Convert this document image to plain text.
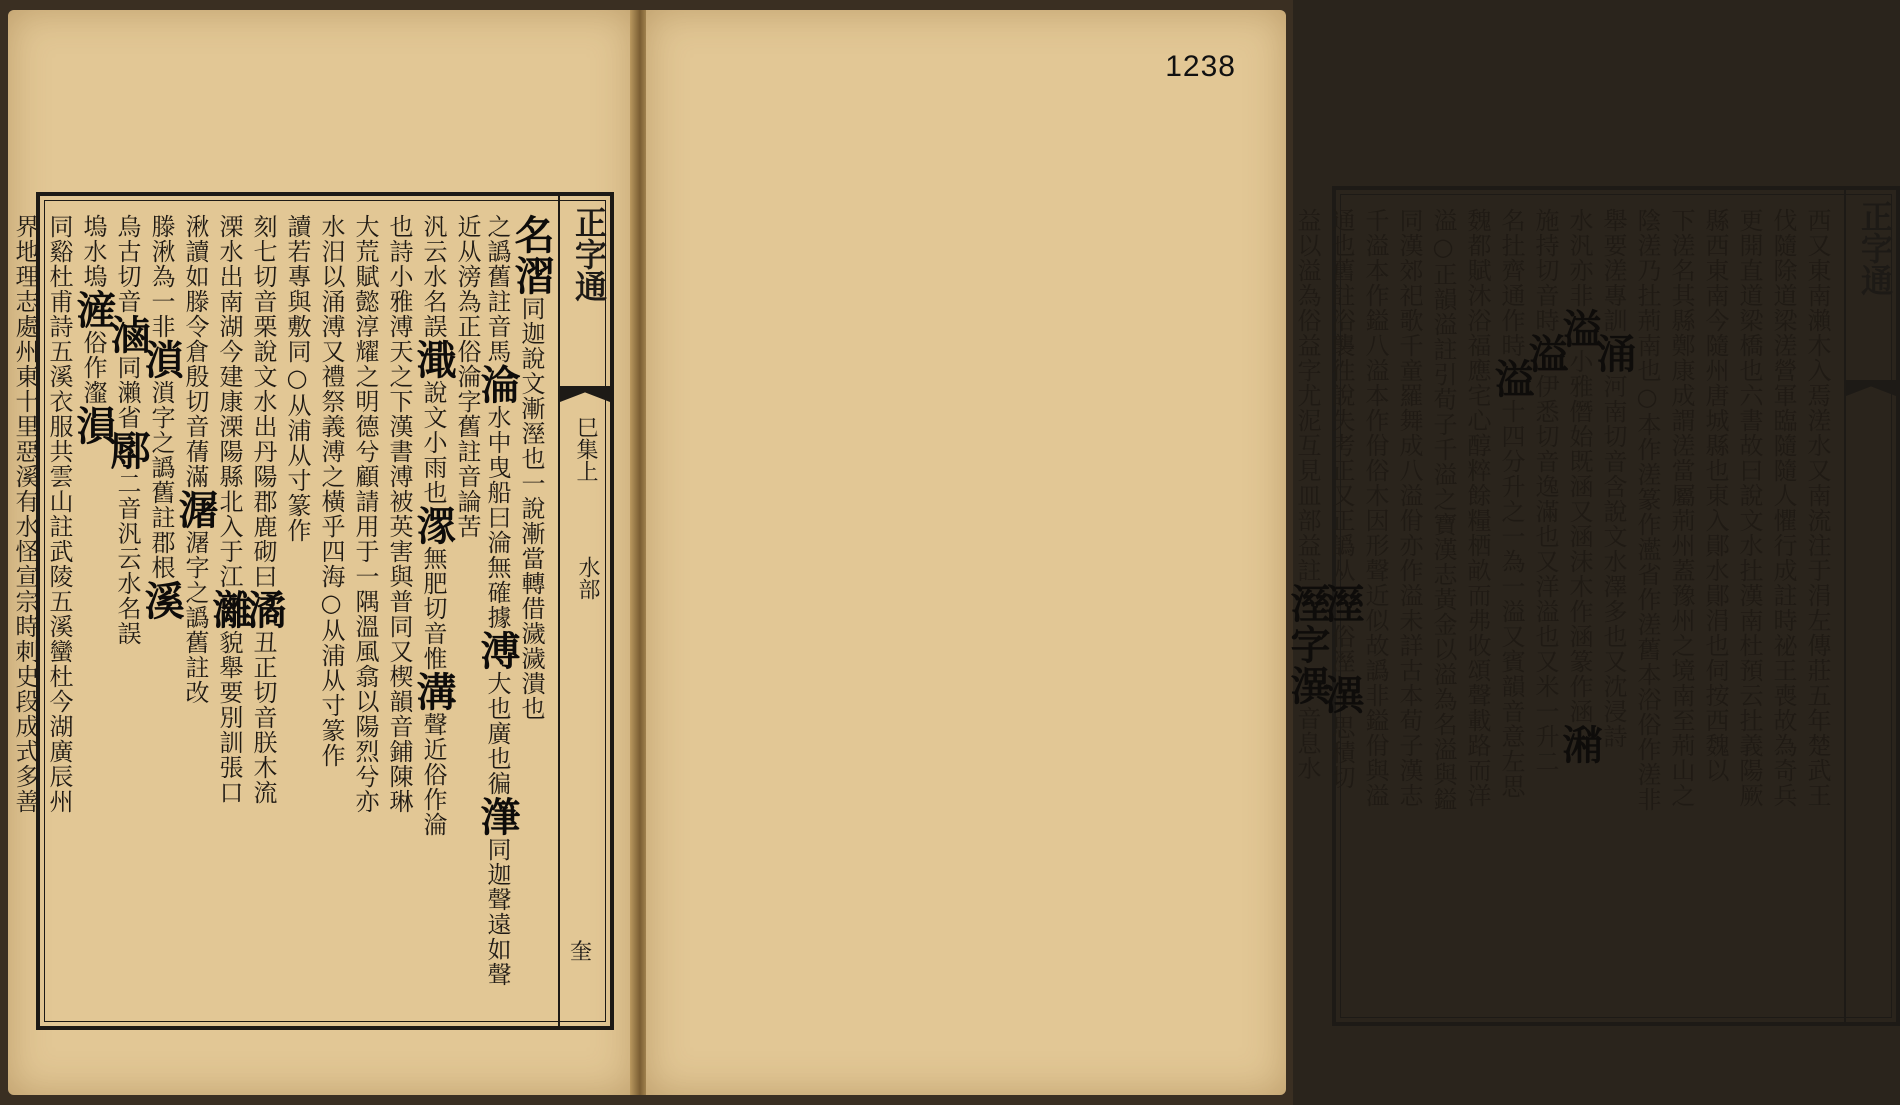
正字通
巳集上
水部
奎
名漝同迦說文漸溼也一說漸當轉借濊濊潰也
之譌舊註音馬淪水中曳船曰淪無確據溥大也廣也徧潷同迦聲遠如聲近从滂為正俗淪字舊註音論苦
汎云水名誤濈說文小雨也潈無肥切音惟溝聲近俗作淪
也詩小雅溥天之下漢書溥被英害與普同又楔韻音鋪陳琳
大荒賦懿淳耀之明德兮顧請用于一隅溫風翕以陽烈兮亦
水汨以涌溥又禮祭義溥之橫乎四海○从浦从寸篆作
讀若專與敷同○从浦从寸篆作
刻七切音栗說文水出丹陽郡鹿砌曰潏丑正切音朕木流
溧水出南湖今建康溧陽縣北入于江灕貌舉要別訓張口
湫讀如滕令倉殷切音蒨滿潳潳字之譌舊註改
滕湫為一非溑溑字之譌舊註郡根溪
烏古切音滷同瀨省鄏二音汎云水名誤
塢水塢滻俗作瀣溳
同谿杜甫詩五溪衣服共雲山註武陵五溪蠻杜今湖廣辰州
界地理志處州東十里惡溪有水怪宣宗時刺史段成式多善
1238
正字通
西又東南瀨木入焉溠水又南流注于涓左傳莊五年楚武王
伐隨除道梁溠營軍臨隨隨人懼行成註時祕王喪故為奇兵
更開直道梁橋也六書故曰說文水扗漢南杜預云扗義陽厥
縣西東南今隨州唐城縣也東入鄖水鄖涓也伺按西魏以
下溠名其縣鄭康成謂溠當屬荊州蓋豫州之境南至荊山之
陰溠乃扗荊南也○本作溠篆作灆省作溠舊本浴俗作溠非
舉要溠專訓涌河南切音含說文水澤多也又沈浸詩
水汎亦非溢小雅僭始既涵又涵沫木作涵篆作涵潲
施持切音時溢伊悉切音逸滿也又洋溢也又米一升二
名扗齊通作時溢十四分升之一為一溢又賓韻音意左思
魏都賦沐浴福應宅心醇粹餘糧栖畝而弗收頌聲載路而洋
溢○正韻溢註引荀子千溢之寶漢志黃金以溢為名溢與鎰
同漢郊祀歌千童羅舞成八溢佾亦作溢未詳古本荀子漢志
千溢本作鎰八溢本作佾俗木因形聲近似故譌非鎰佾與溢
通也舊註浴襲徃說失考正又正譌从溼俗溼潩思積切
益以溢為俗益字尤泥互見皿部益註溼字潩音息水
